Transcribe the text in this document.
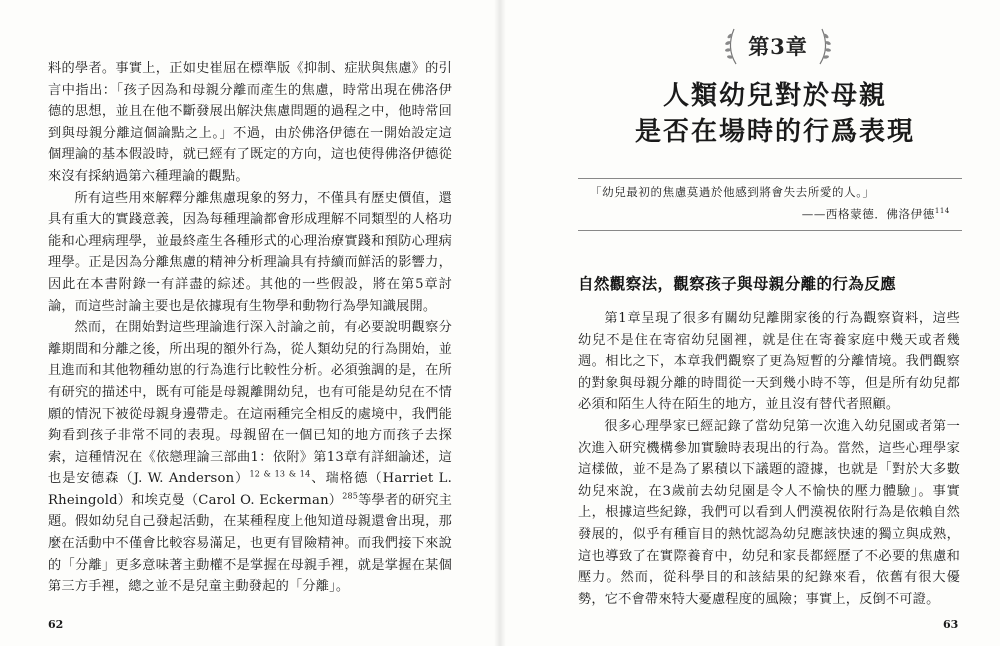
料的學者。事實上，正如史崔屈在標準版《抑制、症狀與焦慮》的引言中指出：「孩子因為和母親分離而產生的焦慮，時常出現在佛洛伊德的思想，並且在他不斷發展出解決焦慮問題的過程之中，他時常回到與母親分離這個論點之上。」不過，由於佛洛伊德在一開始設定這個理論的基本假設時，就已經有了既定的方向，這也使得佛洛伊德從來沒有採納過第六種理論的觀點。

所有這些用來解釋分離焦慮現象的努力，不僅具有歷史價值，還具有重大的實踐意義，因為每種理論都會形成理解不同類型的人格功能和心理病理學，並最終產生各種形式的心理治療實踐和預防心理病理學。正是因為分離焦慮的精神分析理論具有持續而鮮活的影響力，因此在本書附錄一有詳盡的綜述。其他的一些假設，將在第5章討論，而這些討論主要也是依據現有生物學和動物行為學知識展開。

然而，在開始對這些理論進行深入討論之前，有必要說明觀察分離期間和分離之後，所出現的額外行為，從人類幼兒的行為開始，並且進而和其他物種幼崽的行為進行比較性分析。必須強調的是，在所有研究的描述中，既有可能是母親離開幼兒，也有可能是幼兒在不情願的情況下被從母親身邊帶走。在這兩種完全相反的處境中，我們能夠看到孩子非常不同的表現。母親留在一個已知的地方而孩子去探索，這種情況在《依戀理論三部曲1：依附》第13章有詳細論述，這也是安德森（J. W. Anderson）$^{12 \& 13 \& 14}$、瑞格德（Harriet L. Rheingold）和埃克曼（Carol O. Eckerman）$^{285}$等學者的研究主題。假如幼兒自己發起活動，在某種程度上他知道母親還會出現，那麼在活動中不僅會比較容易滿足，也更有冒險精神。而我們接下來說的「分離」更多意味著主動權不是掌握在母親手裡，就是掌握在某個第三方手裡，總之並不是兒童主動發起的「分離」。

62
第3章
人類幼兒對於母親
是否在場時的行爲表現
「幼兒最初的焦慮莫過於他感到將會失去所愛的人。」
——西格蒙德．佛洛伊德$^{114}$
自然觀察法，觀察孩子與母親分離的行為反應

第1章呈現了很多有關幼兒離開家後的行為觀察資料，這些幼兒不是住在寄宿幼兒園裡，就是住在寄養家庭中幾天或者幾週。相比之下，本章我們觀察了更為短暫的分離情境。我們觀察的對象與母親分離的時間從一天到幾小時不等，但是所有幼兒都必須和陌生人待在陌生的地方，並且沒有替代者照顧。

很多心理學家已經記錄了當幼兒第一次進入幼兒園或者第一次進入研究機構參加實驗時表現出的行為。當然，這些心理學家這樣做，並不是為了累積以下議題的證據，也就是「對於大多數幼兒來說，在3歲前去幼兒園是令人不愉快的壓力體驗」。事實上，根據這些紀錄，我們可以看到人們漠視依附行為是依賴自然發展的，似乎有種盲目的熱忱認為幼兒應該快速的獨立與成熟，這也導致了在實際養育中，幼兒和家長都經歷了不必要的焦慮和壓力。然而，從科學目的和該結果的紀錄來看，依舊有很大優勢，它不會帶來特大憂慮程度的風險；事實上，反倒不可證。

63
